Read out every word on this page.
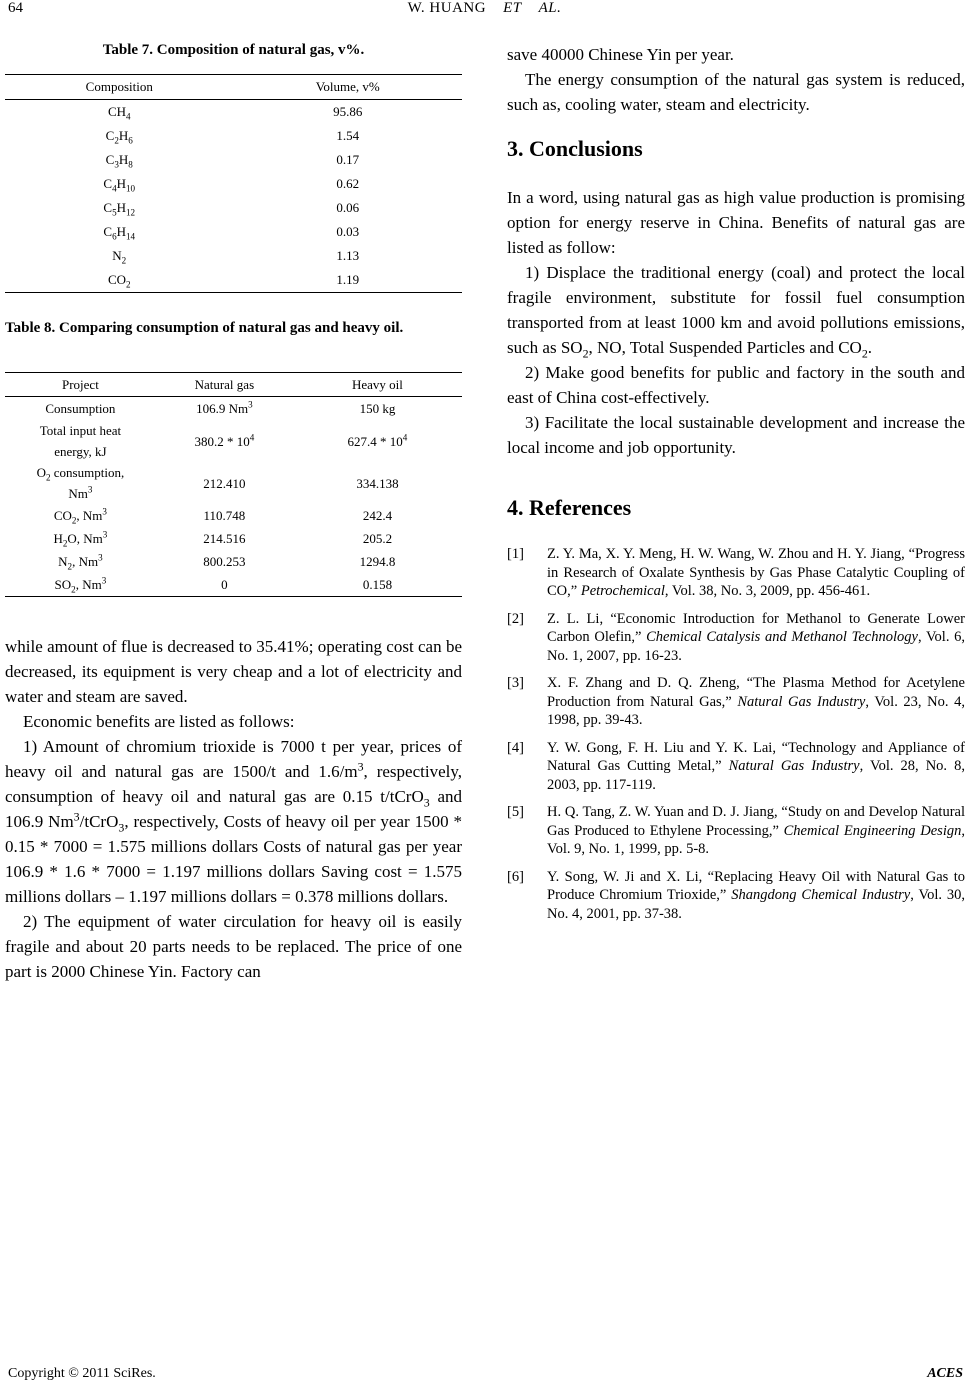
64	W. HUANG ET AL.
Table 7. Composition of natural gas, v%.
Composition	Volume, v%
$CH_4$	95.86
$C_2H_6$	1.54
$C_3H_8$	0.17
$C_4H_{10}$	0.62
$C_5H_{12}$	0.06
$C_6H_{14}$	0.03
$N_2$	1.13
$CO_2$	1.19
Table 8. Comparing consumption of natural gas and heavy oil.
Project	Natural gas	Heavy oil
Consumption	106.9 Nm$^3$	150 kg
Total input heat
energy, kJ	$380.2 * 10^4$	$627.4 * 10^4$
$O_2$ consumption,
Nm$^3$	212.410	334.138
$CO_2$, Nm$^3$	110.748	242.4
$H_2O$, Nm$^3$	214.516	205.2
$N_2$, Nm$^3$	800.253	1294.8
$SO_2$, Nm$^3$	0	0.158

while amount of flue is decreased to 35.41%; operating cost can be decreased, its equipment is very cheap and a lot of electricity and water and steam are saved.

Economic benefits are listed as follows:

1) Amount of chromium trioxide is 7000 t per year, prices of heavy oil and natural gas are 1500/t and $1.6/m^3$, respectively, consumption of heavy oil and natural gas are 0.15 t/tCrO$_3$ and 106.9 $Nm^3/tCrO_3$, respectively, Costs of heavy oil per year 1500 * 0.15 * 7000 = 1.575 millions dollars Costs of natural gas per year 106.9 * 1.6 * 7000 = 1.197 millions dollars Saving cost = 1.575 millions dollars – 1.197 millions dollars = 0.378 millions dollars.

2) The equipment of water circulation for heavy oil is easily fragile and about 20 parts needs to be replaced. The price of one part is 2000 Chinese Yin. Factory can

save 40000 Chinese Yin per year.

The energy consumption of the natural gas system is reduced, such as, cooling water, steam and electricity.

3. Conclusions

In a word, using natural gas as high value production is promising option for energy reserve in China. Benefits of natural gas are listed as follow:

1) Displace the traditional energy (coal) and protect the local fragile environment, substitute for fossil fuel consumption transported from at least 1000 km and avoid pollutions emissions, such as $SO_2$, NO, Total Suspended Particles and $CO_2$.

2) Make good benefits for public and factory in the south and east of China cost-effectively.

3) Facilitate the local sustainable development and increase the local income and job opportunity.

4. References
[1] Z. Y. Ma, X. Y. Meng, H. W. Wang, W. Zhou and H. Y. Jiang, “Progress in Research of Oxalate Synthesis by Gas Phase Catalytic Coupling of CO,” Petrochemical, Vol. 38, No. 3, 2009, pp. 456-461.
[2] Z. L. Li, “Economic Introduction for Methanol to Generate Lower Carbon Olefin,” Chemical Catalysis and Methanol Technology, Vol. 6, No. 1, 2007, pp. 16-23.
[3] X. F. Zhang and D. Q. Zheng, “The Plasma Method for Acetylene Production from Natural Gas,” Natural Gas Industry, Vol. 23, No. 4, 1998, pp. 39-43.
[4] Y. W. Gong, F. H. Liu and Y. K. Lai, “Technology and Appliance of Natural Gas Cutting Metal,” Natural Gas Industry, Vol. 28, No. 8, 2003, pp. 117-119.
[5] H. Q. Tang, Z. W. Yuan and D. J. Jiang, “Study on and Develop Natural Gas Produced to Ethylene Processing,” Chemical Engineering Design, Vol. 9, No. 1, 1999, pp. 5-8.
[6] Y. Song, W. Ji and X. Li, “Replacing Heavy Oil with Natural Gas to Produce Chromium Trioxide,” Shangdong Chemical Industry, Vol. 30, No. 4, 2001, pp. 37-38.
Copyright © 2011 SciRes.	ACES
